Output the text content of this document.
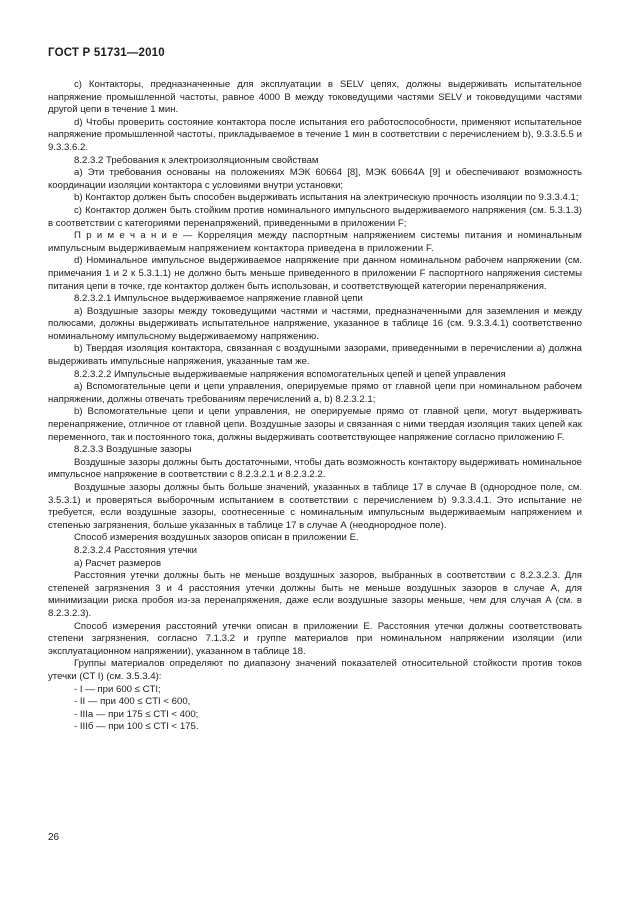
ГОСТ Р 51731—2010

c) Контакторы, предназначенные для эксплуатации в SELV цепях, должны выдерживать испытательное напряжение промышленной частоты, равное 4000 В между токоведущими частями SELV и токоведущими частями другой цепи в течение 1 мин.

d) Чтобы проверить состояние контактора после испытания его работоспособности, применяют испытательное напряжение промышленной частоты, прикладываемое в течение 1 мин в соответствии с перечислением b), 9.3.3.5.5 и 9.3.3.6.2.

8.2.3.2 Требования к электроизоляционным свойствам

a) Эти требования основаны на положениях МЭК 60664 [8], МЭК 60664А [9] и обеспечивают возможность координации изоляции контактора с условиями внутри установки;

b) Контактор должен быть способен выдерживать испытания на электрическую прочность изоляции по 9.3.3.4.1;

c) Контактор должен быть стойким против номинального импульсного выдерживаемого напряжения (см. 5.3.1.3) в соответствии с категориями перенапряжений, приведенными в приложении F;

П р и м е ч а н и е — Корреляция между паспортным напряжением системы питания и номинальным импульсным выдерживаемым напряжением контактора приведена в приложении F.

d) Номинальное импульсное выдерживаемое напряжение при данном номинальном рабочем напряжении (см. примечания 1 и 2 к 5.3.1.1) не должно быть меньше приведенного в приложении F паспортного напряжения системы питания цепи в точке, где контактор должен быть использован, и соответствующей категории перенапряжения.

8.2.3.2.1 Импульсное выдерживаемое напряжение главной цепи

a) Воздушные зазоры между токоведущими частями и частями, предназначенными для заземления и между полюсами, должны выдерживать испытательное напряжение, указанное в таблице 16 (см. 9.3.3.4.1) соответственно номинальному импульсному выдерживаемому напряжению.

b) Твердая изоляция контактора, связанная с воздушными зазорами, приведенными в перечислении a) должна выдерживать импульсные напряжения, указанные там же.

8.2.3.2.2 Импульсные выдерживаемые напряжения вспомогательных цепей и цепей управления

a) Вспомогательные цепи и цепи управления, оперируемые прямо от главной цепи при номинальном рабочем напряжении, должны отвечать требованиям перечислений a, b) 8.2.3.2.1;

b) Вспомогательные цепи и цепи управления, не оперируемые прямо от главной цепи, могут выдерживать перенапряжение, отличное от главной цепи. Воздушные зазоры и связанная с ними твердая изоляция таких цепей как переменного, так и постоянного тока, должны выдерживать соответствующее напряжение согласно приложению F.

8.2.3.3 Воздушные зазоры

Воздушные зазоры должны быть достаточными, чтобы дать возможность контактору выдерживать номинальное импульсное напряжение в соответствии с 8.2.3.2.1 и 8.2.3.2.2.

Воздушные зазоры должны быть больше значений, указанных в таблице 17 в случае В (однородное поле, см. 3.5.3.1) и проверяться выборочным испытанием в соответствии с перечислением b) 9.3.3.4.1. Это испытание не требуется, если воздушные зазоры, соотнесенные с номинальным импульсным выдерживаемым напряжением и степенью загрязнения, больше указанных в таблице 17 в случае А (неоднородное поле).

Способ измерения воздушных зазоров описан в приложении E.

8.2.3.2.4 Расстояния утечки

a) Расчет размеров

Расстояния утечки должны быть не меньше воздушных зазоров, выбранных в соответствии с 8.2.3.2.3. Для степеней загрязнения 3 и 4 расстояния утечки должны быть не меньше воздушных зазоров в случае А, для минимизации риска пробоя из-за перенапряжения, даже если воздушные зазоры меньше, чем для случая А (см. в 8.2.3.2.3).

Способ измерения расстояний утечки описан в приложении E. Расстояния утечки должны соответствовать степени загрязнения, согласно 7.1.3.2 и группе материалов при номинальном напряжении изоляции (или эксплуатационном напряжении), указанном в таблице 18.

Группы материалов определяют по диапазону значений показателей относительной стойкости против токов утечки (CT I) (см. 3.5.3.4):

- I — при 600 ≤ CTI;

- II — при 400 ≤ CTI < 600,

- IIIa — при 175 ≤ CTI < 400;

- IIIб — при 100 ≤ CTI < 175.

26
